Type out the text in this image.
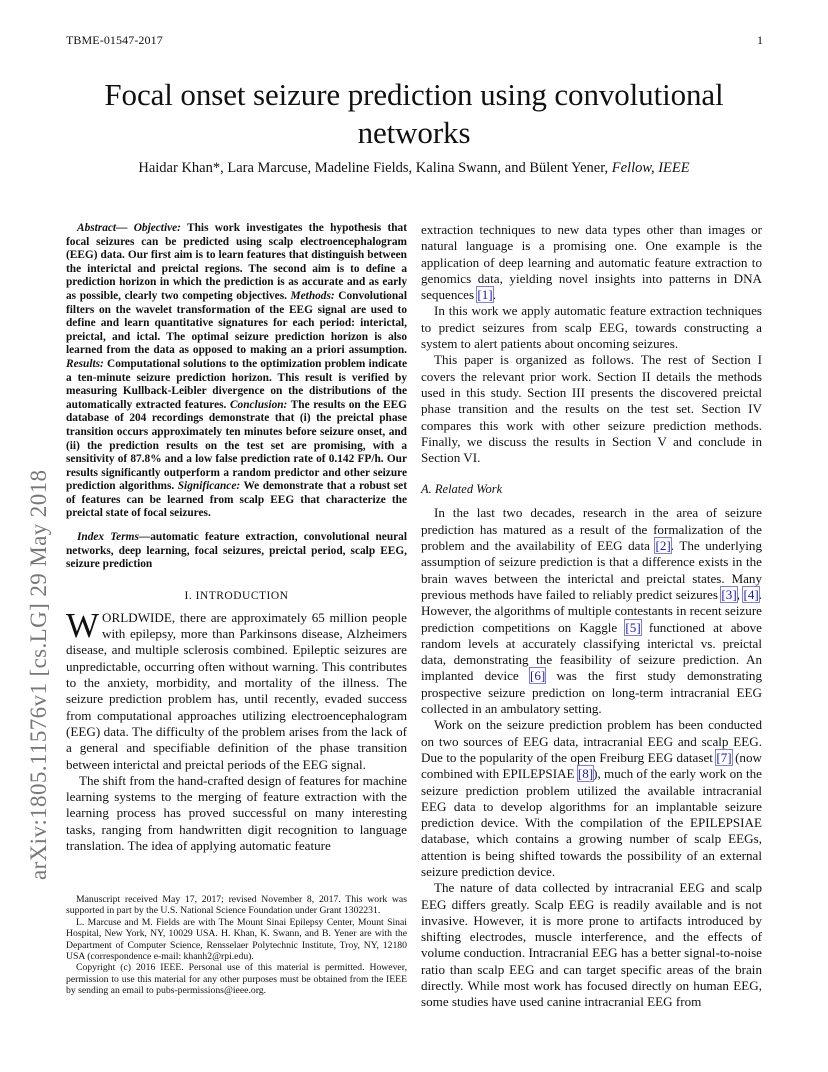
TBME-01547-2017	1
Focal onset seizure prediction using convolutional networks
Haidar Khan*, Lara Marcuse, Madeline Fields, Kalina Swann, and Bülent Yener, Fellow, IEEE
arXiv:1805.11576v1 [cs.LG] 29 May 2018

Abstract— Objective: This work investigates the hypothesis that focal seizures can be predicted using scalp electroencephalogram (EEG) data. Our first aim is to learn features that distinguish between the interictal and preictal regions. The second aim is to define a prediction horizon in which the prediction is as accurate and as early as possible, clearly two competing objectives. Methods: Convolutional filters on the wavelet transformation of the EEG signal are used to define and learn quantitative signatures for each period: interictal, preictal, and ictal. The optimal seizure prediction horizon is also learned from the data as opposed to making an a priori assumption. Results: Computational solutions to the optimization problem indicate a ten-minute seizure prediction horizon. This result is verified by measuring Kullback-Leibler divergence on the distributions of the automatically extracted features. Conclusion: The results on the EEG database of 204 recordings demonstrate that (i) the preictal phase transition occurs approximately ten minutes before seizure onset, and (ii) the prediction results on the test set are promising, with a sensitivity of 87.8% and a low false prediction rate of 0.142 FP/h. Our results significantly outperform a random predictor and other seizure prediction algorithms. Significance: We demonstrate that a robust set of features can be learned from scalp EEG that characterize the preictal state of focal seizures.

Index Terms—automatic feature extraction, convolutional neural networks, deep learning, focal seizures, preictal period, scalp EEG, seizure prediction

I. INTRODUCTION

WORLDWIDE, there are approximately 65 million people with epilepsy, more than Parkinsons disease, Alzheimers disease, and multiple sclerosis combined. Epileptic seizures are unpredictable, occurring often without warning. This contributes to the anxiety, morbidity, and mortality of the illness. The seizure prediction problem has, until recently, evaded success from computational approaches utilizing electroencephalogram (EEG) data. The difficulty of the problem arises from the lack of a general and specifiable definition of the phase transition between interictal and preictal periods of the EEG signal.

The shift from the hand-crafted design of features for machine learning systems to the merging of feature extraction with the learning process has proved successful on many interesting tasks, ranging from handwritten digit recognition to language translation. The idea of applying automatic feature

Manuscript received May 17, 2017; revised November 8, 2017. This work was supported in part by the U.S. National Science Foundation under Grant 1302231.

L. Marcuse and M. Fields are with The Mount Sinai Epilepsy Center, Mount Sinai Hospital, New York, NY, 10029 USA. H. Khan, K. Swann, and B. Yener are with the Department of Computer Science, Rensselaer Polytechnic Institute, Troy, NY, 12180 USA (correspondence e-mail: khanh2@rpi.edu).

Copyright (c) 2016 IEEE. Personal use of this material is permitted. However, permission to use this material for any other purposes must be obtained from the IEEE by sending an email to pubs-permissions@ieee.org.

extraction techniques to new data types other than images or natural language is a promising one. One example is the application of deep learning and automatic feature extraction to genomics data, yielding novel insights into patterns in DNA sequences [1].

In this work we apply automatic feature extraction techniques to predict seizures from scalp EEG, towards constructing a system to alert patients about oncoming seizures.

This paper is organized as follows. The rest of Section I covers the relevant prior work. Section II details the methods used in this study. Section III presents the discovered preictal phase transition and the results on the test set. Section IV compares this work with other seizure prediction methods. Finally, we discuss the results in Section V and conclude in Section VI.

A. Related Work

In the last two decades, research in the area of seizure prediction has matured as a result of the formalization of the problem and the availability of EEG data [2]. The underlying assumption of seizure prediction is that a difference exists in the brain waves between the interictal and preictal states. Many previous methods have failed to reliably predict seizures [3], [4]. However, the algorithms of multiple contestants in recent seizure prediction competitions on Kaggle [5] functioned at above random levels at accurately classifying interictal vs. preictal data, demonstrating the feasibility of seizure prediction. An implanted device [6] was the first study demonstrating prospective seizure prediction on long-term intracranial EEG collected in an ambulatory setting.

Work on the seizure prediction problem has been conducted on two sources of EEG data, intracranial EEG and scalp EEG. Due to the popularity of the open Freiburg EEG dataset [7] (now combined with EPILEPSIAE [8]), much of the early work on the seizure prediction problem utilized the available intracranial EEG data to develop algorithms for an implantable seizure prediction device. With the compilation of the EPILEPSIAE database, which contains a growing number of scalp EEGs, attention is being shifted towards the possibility of an external seizure prediction device.

The nature of data collected by intracranial EEG and scalp EEG differs greatly. Scalp EEG is readily available and is not invasive. However, it is more prone to artifacts introduced by shifting electrodes, muscle interference, and the effects of volume conduction. Intracranial EEG has a better signal-to-noise ratio than scalp EEG and can target specific areas of the brain directly. While most work has focused directly on human EEG, some studies have used canine intracranial EEG from
